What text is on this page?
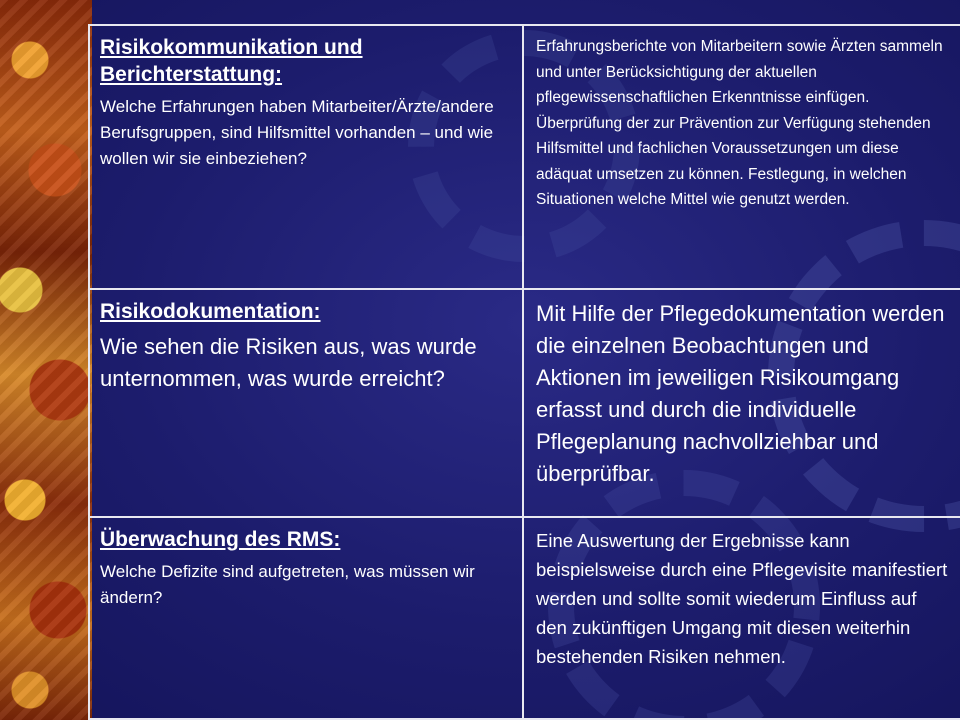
Risikokommunikation und Berichterstattung:

Welche Erfahrungen haben Mitarbeiter/Ärzte/andere Berufsgruppen, sind Hilfsmittel vorhanden – und wie wollen wir sie einbeziehen?	Erfahrungsberichte von Mitarbeitern sowie Ärzten sammeln und unter Berücksichtigung der aktuellen pflegewissenschaftlichen Erkenntnisse einfügen. Überprüfung der zur Prävention zur Verfügung stehenden Hilfsmittel und fachlichen Voraussetzungen um diese adäquat umsetzen zu können. Festlegung, in welchen Situationen welche Mittel wie genutzt werden.

Risikodokumentation:

Wie sehen die Risiken aus, was wurde unternommen, was wurde erreicht?	Mit Hilfe der Pflegedokumentation werden die einzelnen Beobachtungen und Aktionen im jeweiligen Risikoumgang erfasst und durch die individuelle Pflegeplanung nachvollziehbar und überprüfbar.

Überwachung des RMS:

Welche Defizite sind aufgetreten, was müssen wir ändern?	Eine Auswertung der Ergebnisse kann beispielsweise durch eine Pflegevisite manifestiert werden und sollte somit wiederum Einfluss auf den zukünftigen Umgang mit diesen weiterhin bestehenden Risiken nehmen.
